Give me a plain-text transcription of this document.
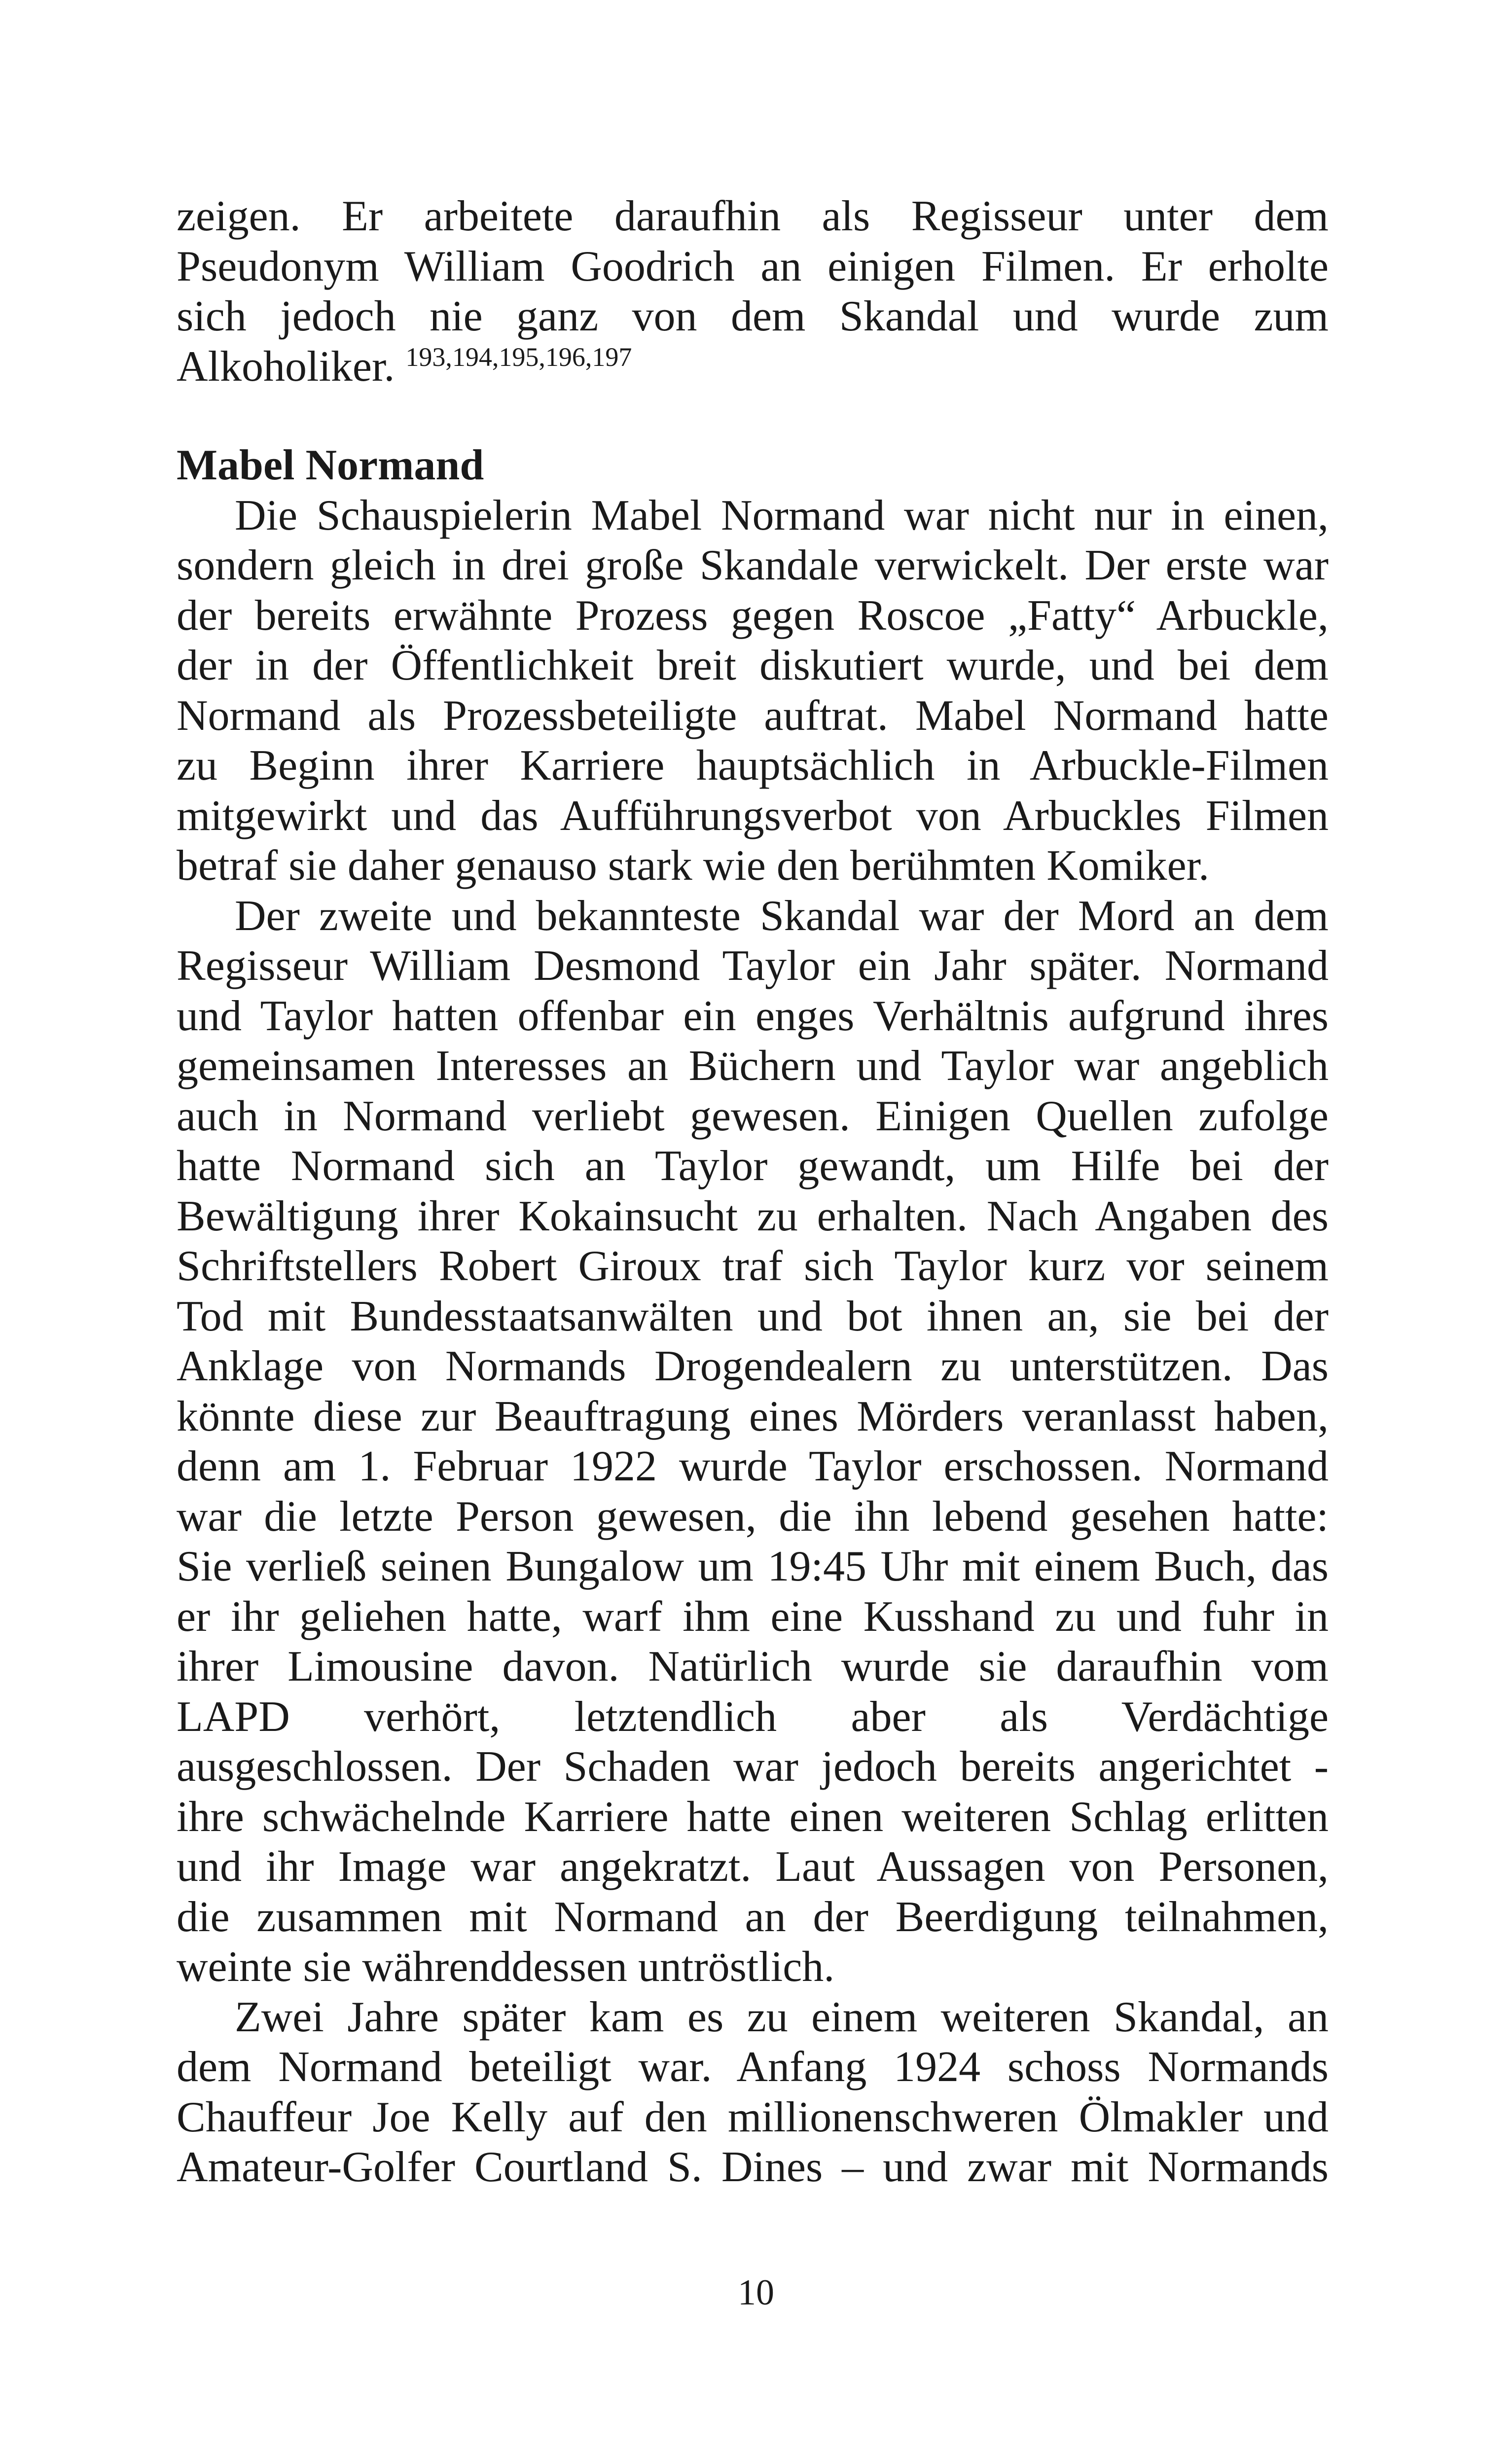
zeigen. Er arbeitete daraufhin als Regisseur unter dem
Pseudonym William Goodrich an einigen Filmen. Er erholte
sich jedoch nie ganz von dem Skandal und wurde zum
Alkoholiker. $^{193,194,195,196,197}$
Mabel Normand
Die Schauspielerin Mabel Normand war nicht nur in einen,
sondern gleich in drei große Skandale verwickelt. Der erste war
der bereits erwähnte Prozess gegen Roscoe „Fatty“ Arbuckle,
der in der Öffentlichkeit breit diskutiert wurde, und bei dem
Normand als Prozessbeteiligte auftrat. Mabel Normand hatte
zu Beginn ihrer Karriere hauptsächlich in Arbuckle-Filmen
mitgewirkt und das Aufführungsverbot von Arbuckles Filmen
betraf sie daher genauso stark wie den berühmten Komiker.
Der zweite und bekannteste Skandal war der Mord an dem
Regisseur William Desmond Taylor ein Jahr später. Normand
und Taylor hatten offenbar ein enges Verhältnis aufgrund ihres
gemeinsamen Interesses an Büchern und Taylor war angeblich
auch in Normand verliebt gewesen. Einigen Quellen zufolge
hatte Normand sich an Taylor gewandt, um Hilfe bei der
Bewältigung ihrer Kokainsucht zu erhalten. Nach Angaben des
Schriftstellers Robert Giroux traf sich Taylor kurz vor seinem
Tod mit Bundesstaatsanwälten und bot ihnen an, sie bei der
Anklage von Normands Drogendealern zu unterstützen. Das
könnte diese zur Beauftragung eines Mörders veranlasst haben,
denn am 1. Februar 1922 wurde Taylor erschossen. Normand
war die letzte Person gewesen, die ihn lebend gesehen hatte:
Sie verließ seinen Bungalow um 19:45 Uhr mit einem Buch, das
er ihr geliehen hatte, warf ihm eine Kusshand zu und fuhr in
ihrer Limousine davon. Natürlich wurde sie daraufhin vom
LAPD verhört, letztendlich aber als Verdächtige
ausgeschlossen. Der Schaden war jedoch bereits angerichtet -
ihre schwächelnde Karriere hatte einen weiteren Schlag erlitten
und ihr Image war angekratzt. Laut Aussagen von Personen,
die zusammen mit Normand an der Beerdigung teilnahmen,
weinte sie währenddessen untröstlich.
Zwei Jahre später kam es zu einem weiteren Skandal, an
dem Normand beteiligt war. Anfang 1924 schoss Normands
Chauffeur Joe Kelly auf den millionenschweren Ölmakler und
Amateur-Golfer Courtland S. Dines – und zwar mit Normands
10
